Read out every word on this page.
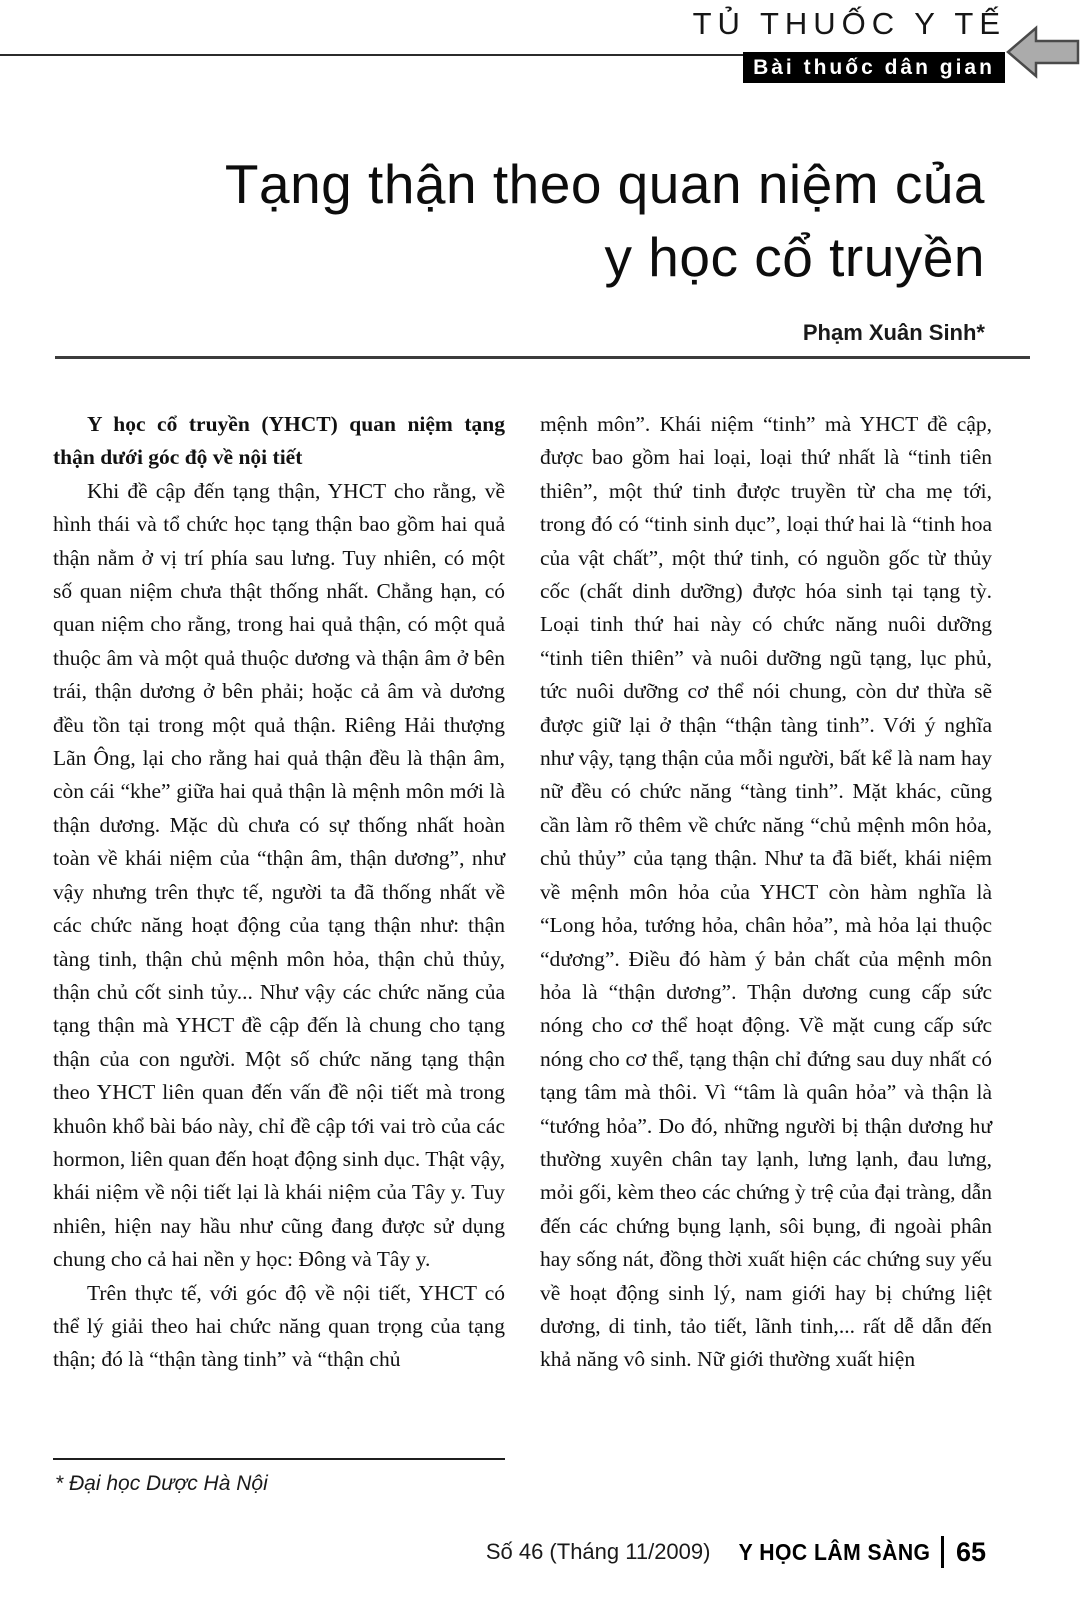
TỦ THUỐC Y TẾ
Bài thuốc dân gian
Tạng thận theo quan niệm của
y học cổ truyền
Phạm Xuân Sinh*

Y học cổ truyền (YHCT) quan niệm tạng thận dưới góc độ về nội tiết

Khi đề cập đến tạng thận, YHCT cho rằng, về hình thái và tổ chức học tạng thận bao gồm hai quả thận nằm ở vị trí phía sau lưng. Tuy nhiên, có một số quan niệm chưa thật thống nhất. Chẳng hạn, có quan niệm cho rằng, trong hai quả thận, có một quả thuộc âm và một quả thuộc dương và thận âm ở bên trái, thận dương ở bên phải; hoặc cả âm và dương đều tồn tại trong một quả thận. Riêng Hải thượng Lãn Ông, lại cho rằng hai quả thận đều là thận âm, còn cái “khe” giữa hai quả thận là mệnh môn mới là thận dương. Mặc dù chưa có sự thống nhất hoàn toàn về khái niệm của “thận âm, thận dương”, như vậy nhưng trên thực tế, người ta đã thống nhất về các chức năng hoạt động của tạng thận như: thận tàng tinh, thận chủ mệnh môn hỏa, thận chủ thủy, thận chủ cốt sinh tủy... Như vậy các chức năng của tạng thận mà YHCT đề cập đến là chung cho tạng thận của con người. Một số chức năng tạng thận theo YHCT liên quan đến vấn đề nội tiết mà trong khuôn khổ bài báo này, chỉ đề cập tới vai trò của các hormon, liên quan đến hoạt động sinh dục. Thật vậy, khái niệm về nội tiết lại là khái niệm của Tây y. Tuy nhiên, hiện nay hầu như cũng đang được sử dụng chung cho cả hai nền y học: Đông và Tây y.

Trên thực tế, với góc độ về nội tiết, YHCT có thể lý giải theo hai chức năng quan trọng của tạng thận; đó là “thận tàng tinh” và “thận chủ

mệnh môn”. Khái niệm “tinh” mà YHCT đề cập, được bao gồm hai loại, loại thứ nhất là “tinh tiên thiên”, một thứ tinh được truyền từ cha mẹ tới, trong đó có “tinh sinh dục”, loại thứ hai là “tinh hoa của vật chất”, một thứ tinh, có nguồn gốc từ thủy cốc (chất dinh dưỡng) được hóa sinh tại tạng tỳ. Loại tinh thứ hai này có chức năng nuôi dưỡng “tinh tiên thiên” và nuôi dưỡng ngũ tạng, lục phủ, tức nuôi dưỡng cơ thể nói chung, còn dư thừa sẽ được giữ lại ở thận “thận tàng tinh”. Với ý nghĩa như vậy, tạng thận của mỗi người, bất kể là nam hay nữ đều có chức năng “tàng tinh”. Mặt khác, cũng cần làm rõ thêm về chức năng “chủ mệnh môn hỏa, chủ thủy” của tạng thận. Như ta đã biết, khái niệm về mệnh môn hỏa của YHCT còn hàm nghĩa là “Long hỏa, tướng hỏa, chân hỏa”, mà hỏa lại thuộc “dương”. Điều đó hàm ý bản chất của mệnh môn hỏa là “thận dương”. Thận dương cung cấp sức nóng cho cơ thể hoạt động. Về mặt cung cấp sức nóng cho cơ thể, tạng thận chỉ đứng sau duy nhất có tạng tâm mà thôi. Vì “tâm là quân hỏa” và thận là “tướng hỏa”. Do đó, những người bị thận dương hư thường xuyên chân tay lạnh, lưng lạnh, đau lưng, mỏi gối, kèm theo các chứng ỳ trệ của đại tràng, dẫn đến các chứng bụng lạnh, sôi bụng, đi ngoài phân hay sống nát, đồng thời xuất hiện các chứng suy yếu về hoạt động sinh lý, nam giới hay bị chứng liệt dương, di tinh, tảo tiết, lãnh tinh,... rất dễ dẫn đến khả năng vô sinh. Nữ giới thường xuất hiện

* Đại học Dược Hà Nội
Số 46 (Tháng 11/2009) Y HỌC LÂM SÀNG 65
